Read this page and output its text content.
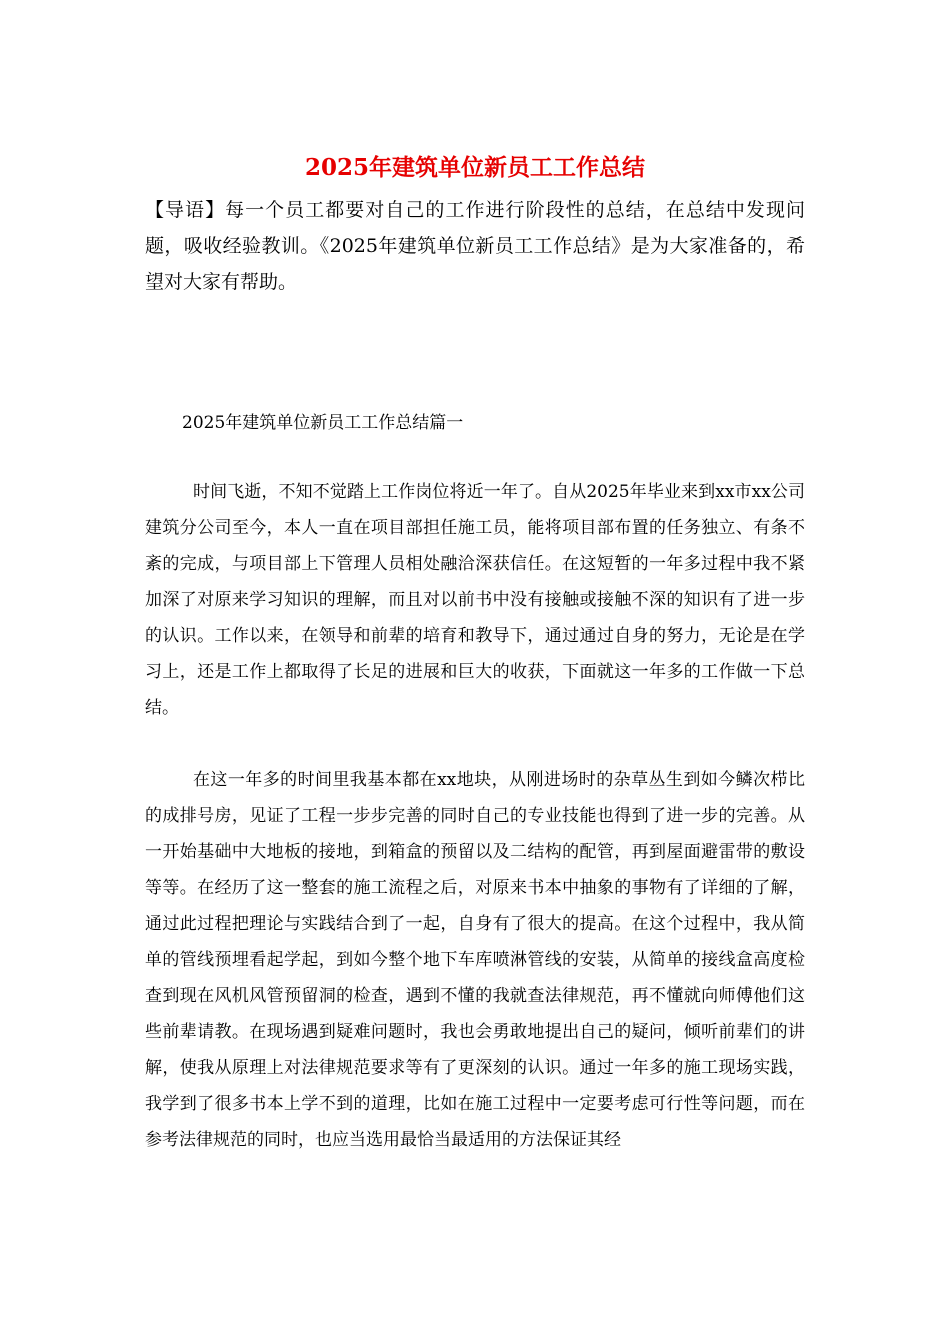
2025年建筑单位新员工工作总结

【导语】每一个员工都要对自己的工作进行阶段性的总结，在总结中发现问题，吸收经验教训。《2025年建筑单位新员工工作总结》是为大家准备的，希望对大家有帮助。

2025年建筑单位新员工工作总结篇一

时间飞逝，不知不觉踏上工作岗位将近一年了。自从2025年毕业来到xx市xx公司建筑分公司至今，本人一直在项目部担任施工员，能将项目部布置的任务独立、有条不紊的完成，与项目部上下管理人员相处融洽深获信任。在这短暂的一年多过程中我不紧加深了对原来学习知识的理解，而且对以前书中没有接触或接触不深的知识有了进一步的认识。工作以来，在领导和前辈的培育和教导下，通过通过自身的努力，无论是在学习上，还是工作上都取得了长足的进展和巨大的收获，下面就这一年多的工作做一下总结。

在这一年多的时间里我基本都在xx地块，从刚进场时的杂草丛生到如今鳞次栉比的成排号房，见证了工程一步步完善的同时自己的专业技能也得到了进一步的完善。从一开始基础中大地板的接地，到箱盒的预留以及二结构的配管，再到屋面避雷带的敷设等等。在经历了这一整套的施工流程之后，对原来书本中抽象的事物有了详细的了解，通过此过程把理论与实践结合到了一起，自身有了很大的提高。在这个过程中，我从简单的管线预埋看起学起，到如今整个地下车库喷淋管线的安装，从简单的接线盒高度检查到现在风机风管预留洞的检查，遇到不懂的我就查法律规范，再不懂就向师傅他们这些前辈请教。在现场遇到疑难问题时，我也会勇敢地提出自己的疑问，倾听前辈们的讲解，使我从原理上对法律规范要求等有了更深刻的认识。通过一年多的施工现场实践，我学到了很多书本上学不到的道理，比如在施工过程中一定要考虑可行性等问题，而在参考法律规范的同时，也应当选用最恰当最适用的方法保证其经
